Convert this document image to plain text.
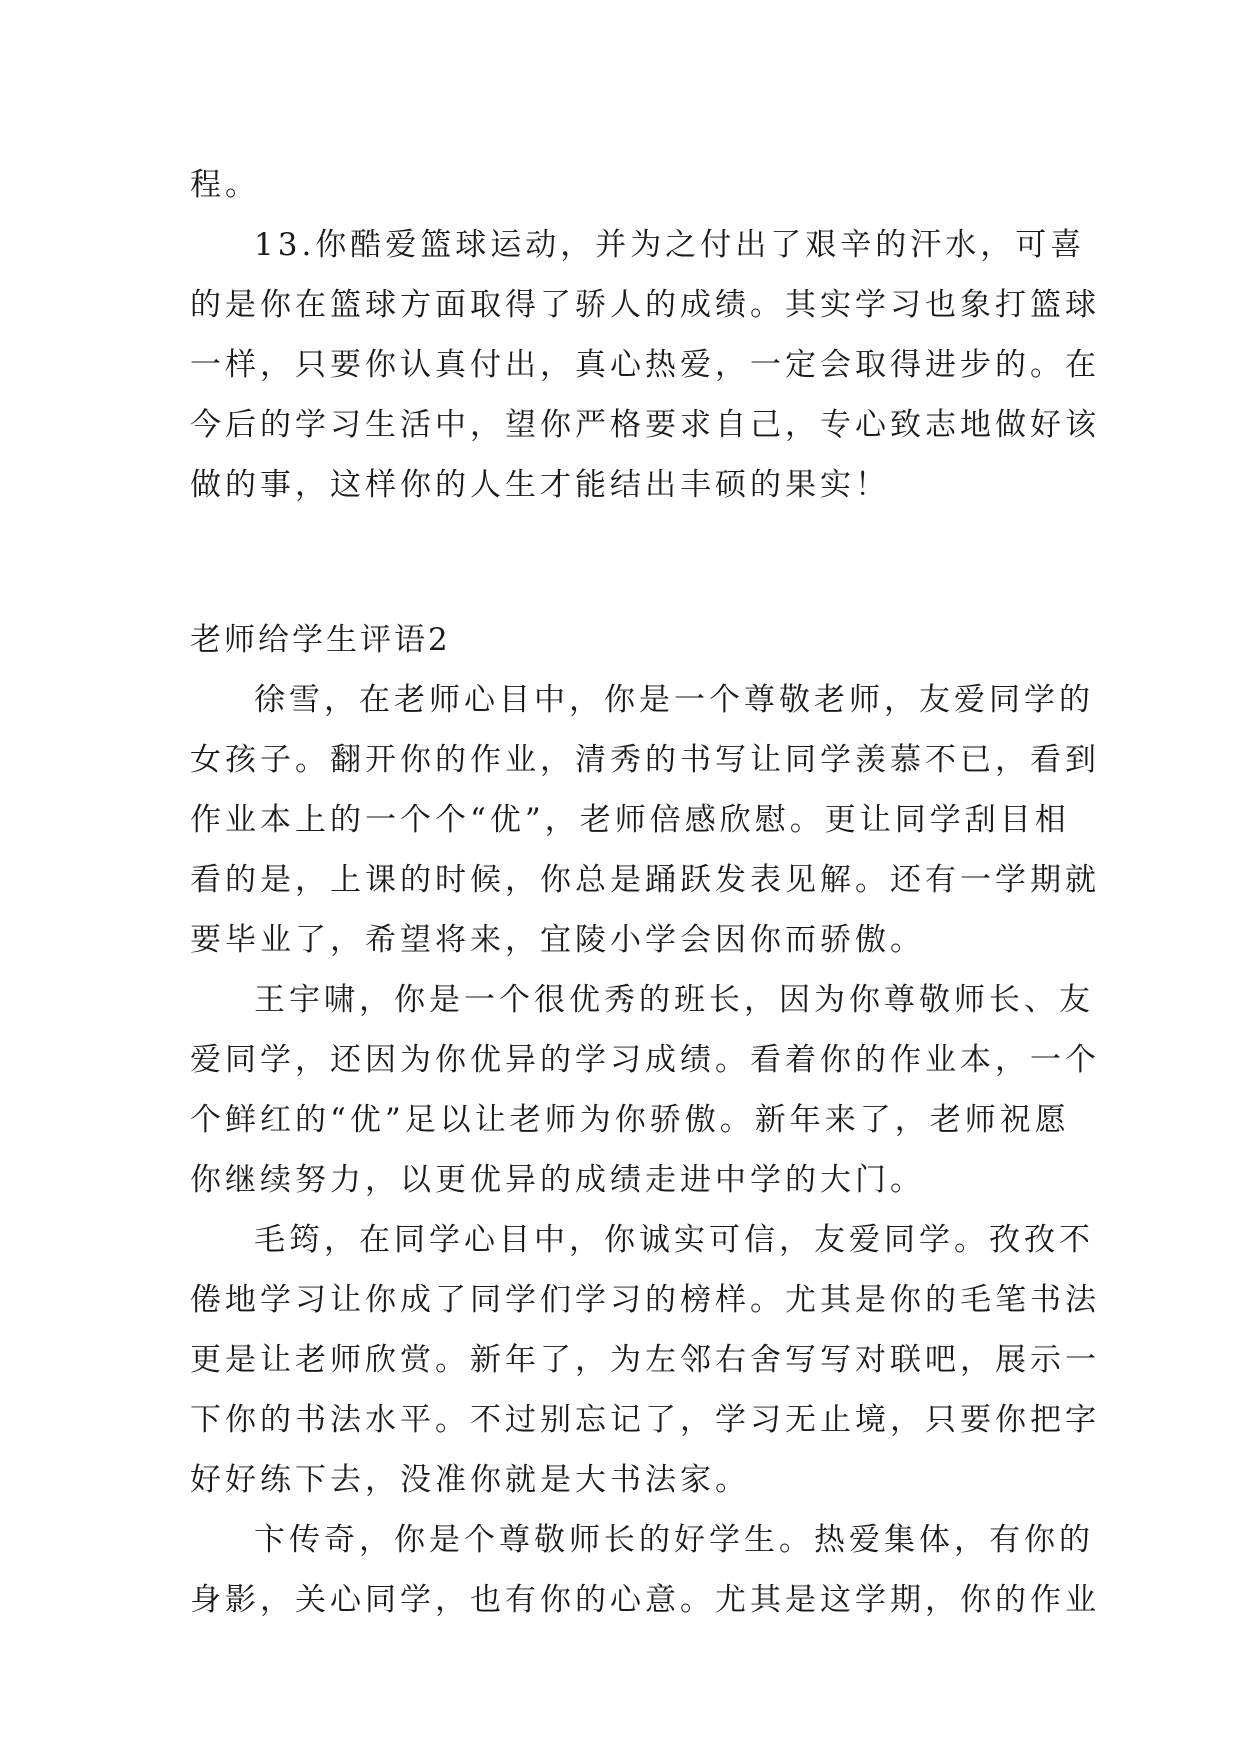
程。
13.你酷爱篮球运动，并为之付出了艰辛的汗水，可喜
的是你在篮球方面取得了骄人的成绩。其实学习也象打篮球
一样，只要你认真付出，真心热爱，一定会取得进步的。在
今后的学习生活中，望你严格要求自己，专心致志地做好该
做的事，这样你的人生才能结出丰硕的果实！
老师给学生评语2
徐雪，在老师心目中，你是一个尊敬老师，友爱同学的
女孩子。翻开你的作业，清秀的书写让同学羡慕不已，看到
作业本上的一个个“优”，老师倍感欣慰。更让同学刮目相
看的是，上课的时候，你总是踊跃发表见解。还有一学期就
要毕业了，希望将来，宜陵小学会因你而骄傲。
王宇啸，你是一个很优秀的班长，因为你尊敬师长、友
爱同学，还因为你优异的学习成绩。看着你的作业本，一个
个鲜红的“优”足以让老师为你骄傲。新年来了，老师祝愿
你继续努力，以更优异的成绩走进中学的大门。
毛筠，在同学心目中，你诚实可信，友爱同学。孜孜不
倦地学习让你成了同学们学习的榜样。尤其是你的毛笔书法
更是让老师欣赏。新年了，为左邻右舍写写对联吧，展示一
下你的书法水平。不过别忘记了，学习无止境，只要你把字
好好练下去，没准你就是大书法家。
卞传奇，你是个尊敬师长的好学生。热爱集体，有你的
身影，关心同学，也有你的心意。尤其是这学期，你的作业
